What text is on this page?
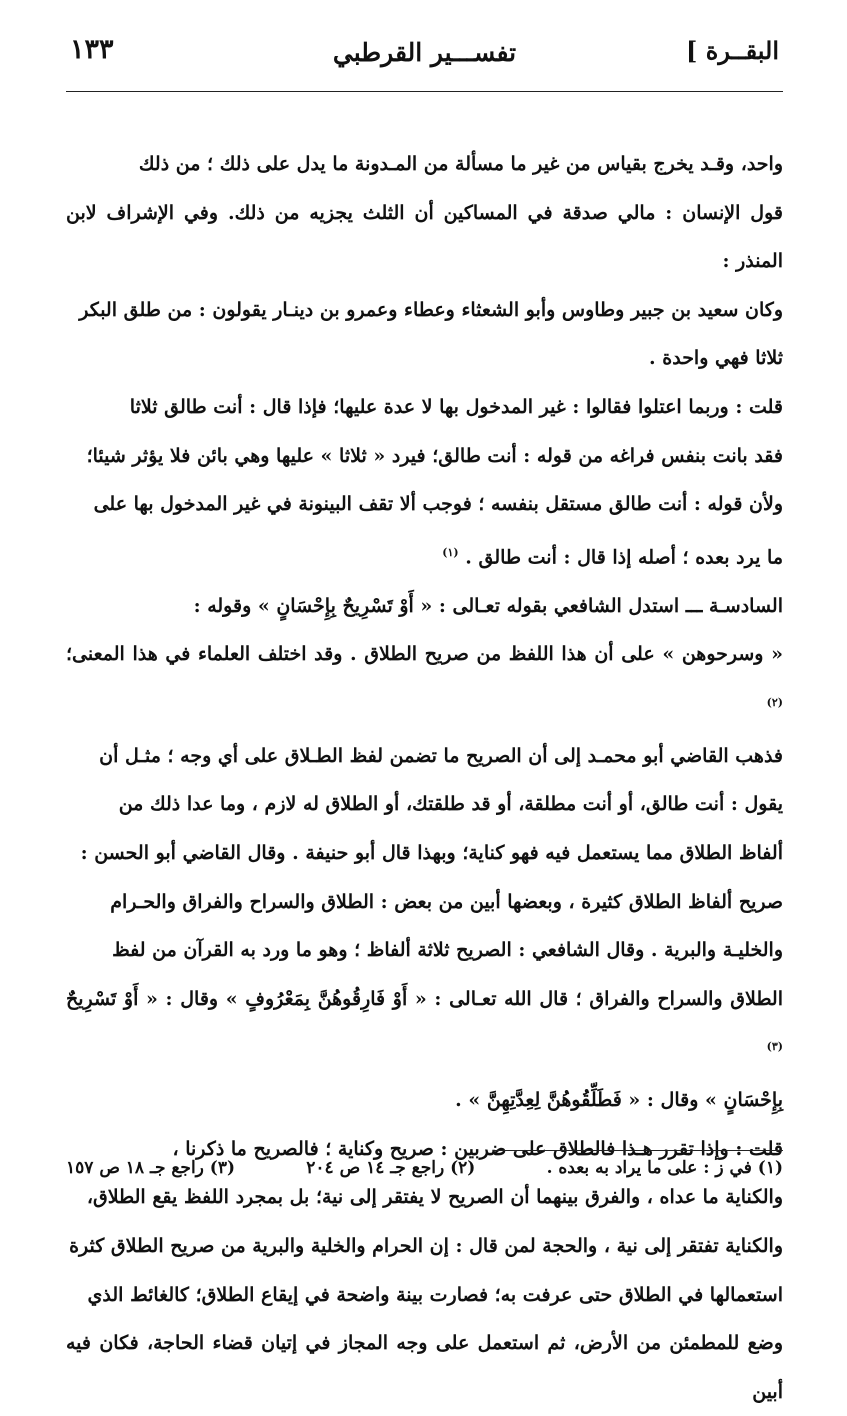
البقــرة ]
تفســـير القرطبي
١٣٣

واحد، وقـد يخرج بقياس من غير ما مسألة من المـدونة ما يدل على ذلك ؛ من ذلك
قول الإنسان : مالي صدقة في المساكين أن الثلث يجزيه من ذلك. وفي الإشراف لابن المنذر :
وكان سعيد بن جبير وطاوس وأبو الشعثاء وعطاء وعمرو بن دينـار يقولون : من طلق البكر
ثلاثا فهي واحدة .

قلت : وربما اعتلوا فقالوا : غير المدخول بها لا عدة عليها؛ فإذا قال : أنت طالق ثلاثا
فقد بانت بنفس فراغه من قوله : أنت طالق؛ فيرد « ثلاثا » عليها وهي بائن فلا يؤثر شيئا؛
ولأن قوله : أنت طالق مستقل بنفسه ؛ فوجب ألا تقف البينونة في غير المدخول بها على
ما يرد بعده ؛ أصله إذا قال : أنت طالق . $^{(١)}$

السادسـة ـــ استدل الشافعي بقوله تعـالى : « أَوْ تَسْرِيحٌ بِإِحْسَانٍ » وقوله :
« وسرحوهن » على أن هذا اللفظ من صريح الطلاق . وقد اختلف العلماء في هذا المعنى؛ $^{(٢)}$
فذهب القاضي أبو محمـد إلى أن الصريح ما تضمن لفظ الطـلاق على أي وجه ؛ مثـل أن
يقول : أنت طالق، أو أنت مطلقة، أو قد طلقتك، أو الطلاق له لازم ، وما عدا ذلك من
ألفاظ الطلاق مما يستعمل فيه فهو كناية؛ وبهذا قال أبو حنيفة . وقال القاضي أبو الحسن :
صريح ألفاظ الطلاق كثيرة ، وبعضها أبين من بعض : الطلاق والسراح والفراق والحـرام
والخليـة والبرية . وقال الشافعي : الصريح ثلاثة ألفاظ ؛ وهو ما ورد به القرآن من لفظ
الطلاق والسراح والفراق ؛ قال الله تعـالى : « أَوْ فَارِقُوهُنَّ بِمَعْرُوفٍ » وقال : « أَوْ تَسْرِيحٌ $^{(٣)}$
بِإِحْسَانٍ » وقال : « فَطَلِّقُوهُنَّ لِعِدَّتِهِنَّ » .

قلت : وإذا تقرر هـذا فالطلاق على ضربين : صريح وكناية ؛ فالصريح ما ذكرنا ،
والكناية ما عداه ، والفرق بينهما أن الصريح لا يفتقر إلى نية؛ بل بمجرد اللفظ يقع الطلاق،
والكناية تفتقر إلى نية ، والحجة لمن قال : إن الحرام والخلية والبرية من صريح الطلاق كثرة
استعمالها في الطلاق حتى عرفت به؛ فصارت بينة واضحة في إيقاع الطلاق؛ كالغائط الذي
وضع للمطمئن من الأرض، ثم استعمل على وجه المجاز في إتيان قضاء الحاجة، فكان فيه أبين

(١) في ز : على ما يراد به بعده .
(٢) راجع جـ ١٤ ص ٢٠٤
(٣) راجع جـ ١٨ ص ١٥٧
